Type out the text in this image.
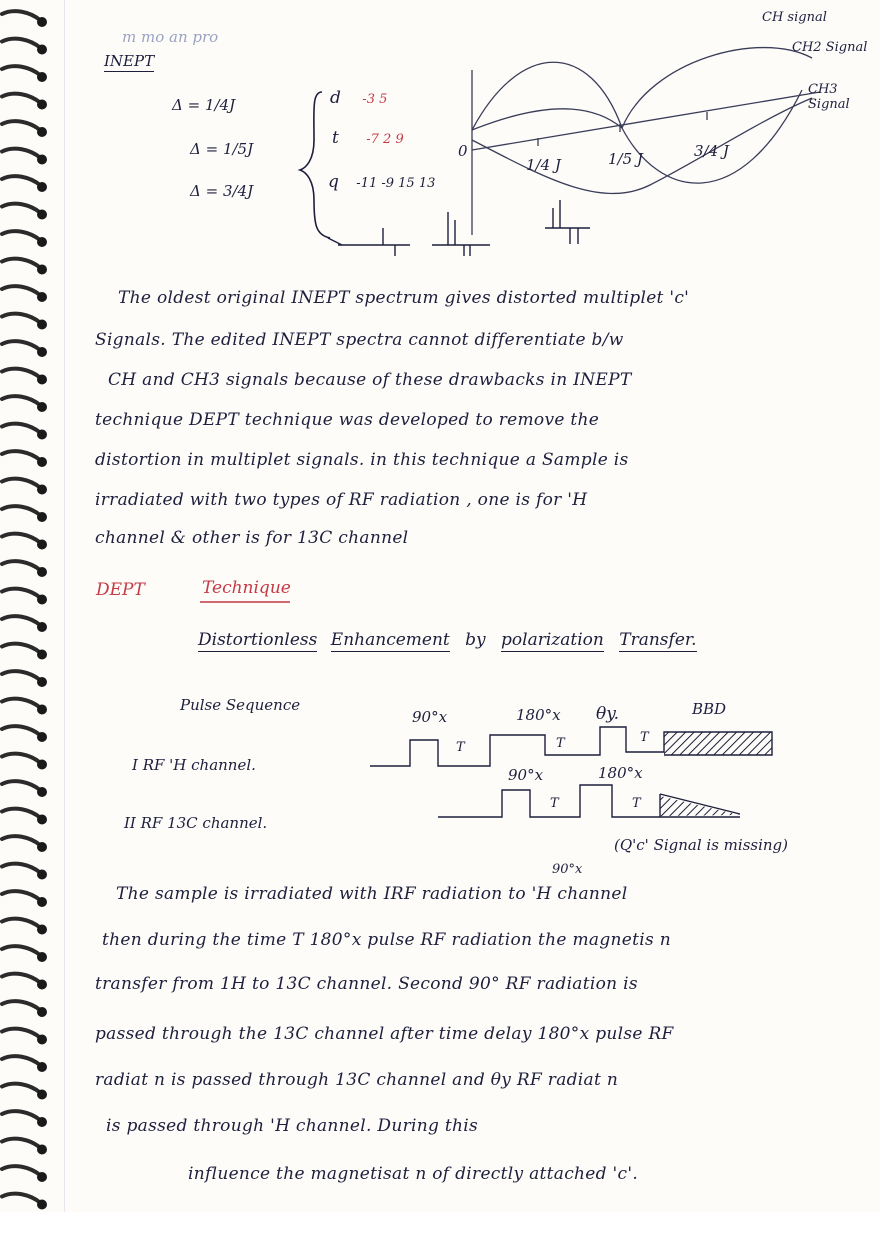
m mo an pro
INEPT
CH signal
CH2 Signal
CH3 Signal
0
1/4 J	1/5 J	3/4 J
Δ = 1/4J
Δ = 1/5J
Δ = 3/4J
d -3 5
t -7 2 9
q -11 -9 15 13
The oldest original INEPT spectrum gives distorted multiplet 'c'
Signals. The edited INEPT spectra cannot differentiate b/w
CH and CH3 signals because of these drawbacks in INEPT
technique DEPT technique was developed to remove the
distortion in multiplet signals. in this technique a Sample is
irradiated with two types of RF radiation , one is for 'H
channel & other is for 13C channel
DEPT	Technique
Distortionless Enhancement by polarization Transfer.
Pulse Sequence
90°x	180°x θy.	BBD
T	T	T
I RF 'H channel.
90°x	180°x
T	T
II RF 13C channel.
(Q'c' Signal is missing)
90°x
The sample is irradiated with IRF radiation to 'H channel
then during the time T 180°x pulse RF radiation the magnetis n
transfer from 1H to 13C channel. Second 90° RF radiation is
passed through the 13C channel after time delay 180°x pulse RF
radiat n is passed through 13C channel and θy RF radiat n
is passed through 'H channel. During this
influence the magnetisat n of directly attached 'c'.
